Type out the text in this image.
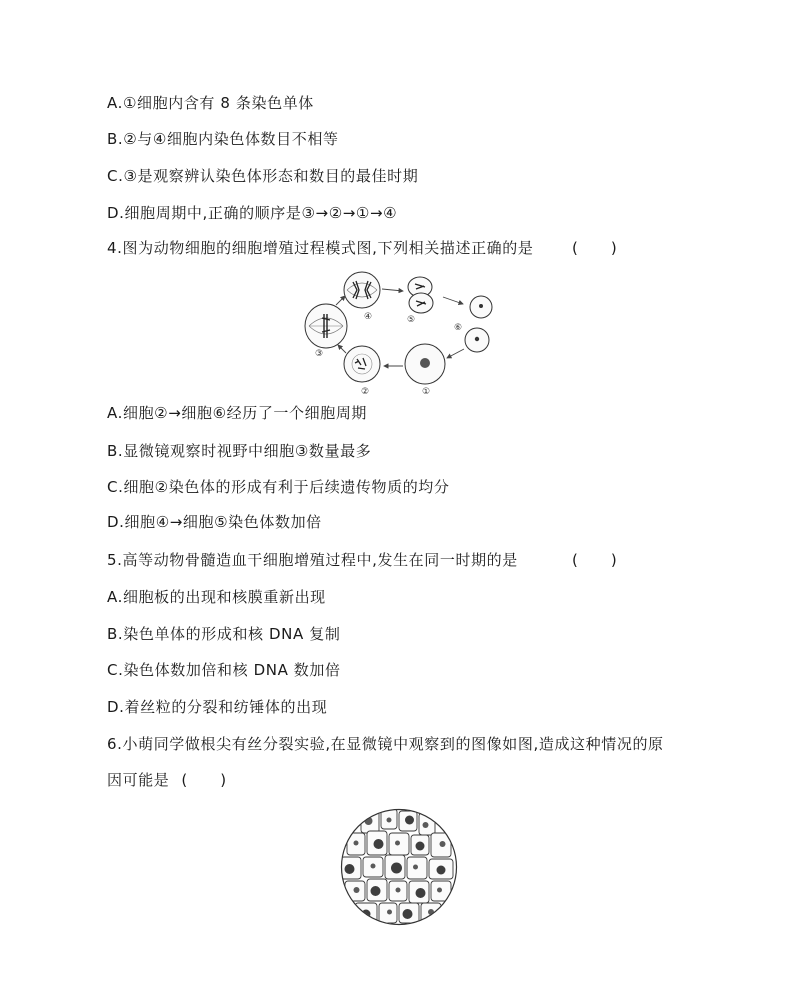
A.①细胞内含有 8 条染色单体
B.②与④细胞内染色体数目不相等
C.③是观察辨认染色体形态和数目的最佳时期
D.细胞周期中,正确的顺序是③→②→①→④
4.图为动物细胞的细胞增殖过程模式图,下列相关描述正确的是	(　　)
①
②
③
④	⑤
⑥
A.细胞②→细胞⑥经历了一个细胞周期
B.显微镜观察时视野中细胞③数量最多
C.细胞②染色体的形成有利于后续遗传物质的均分
D.细胞④→细胞⑤染色体数加倍
5.高等动物骨髓造血干细胞增殖过程中,发生在同一时期的是	(　　)
A.细胞板的出现和核膜重新出现
B.染色单体的形成和核 DNA 复制
C.染色体数加倍和核 DNA 数加倍
D.着丝粒的分裂和纺锤体的出现
6.小萌同学做根尖有丝分裂实验,在显微镜中观察到的图像如图,造成这种情况的原
因可能是 (　　)
